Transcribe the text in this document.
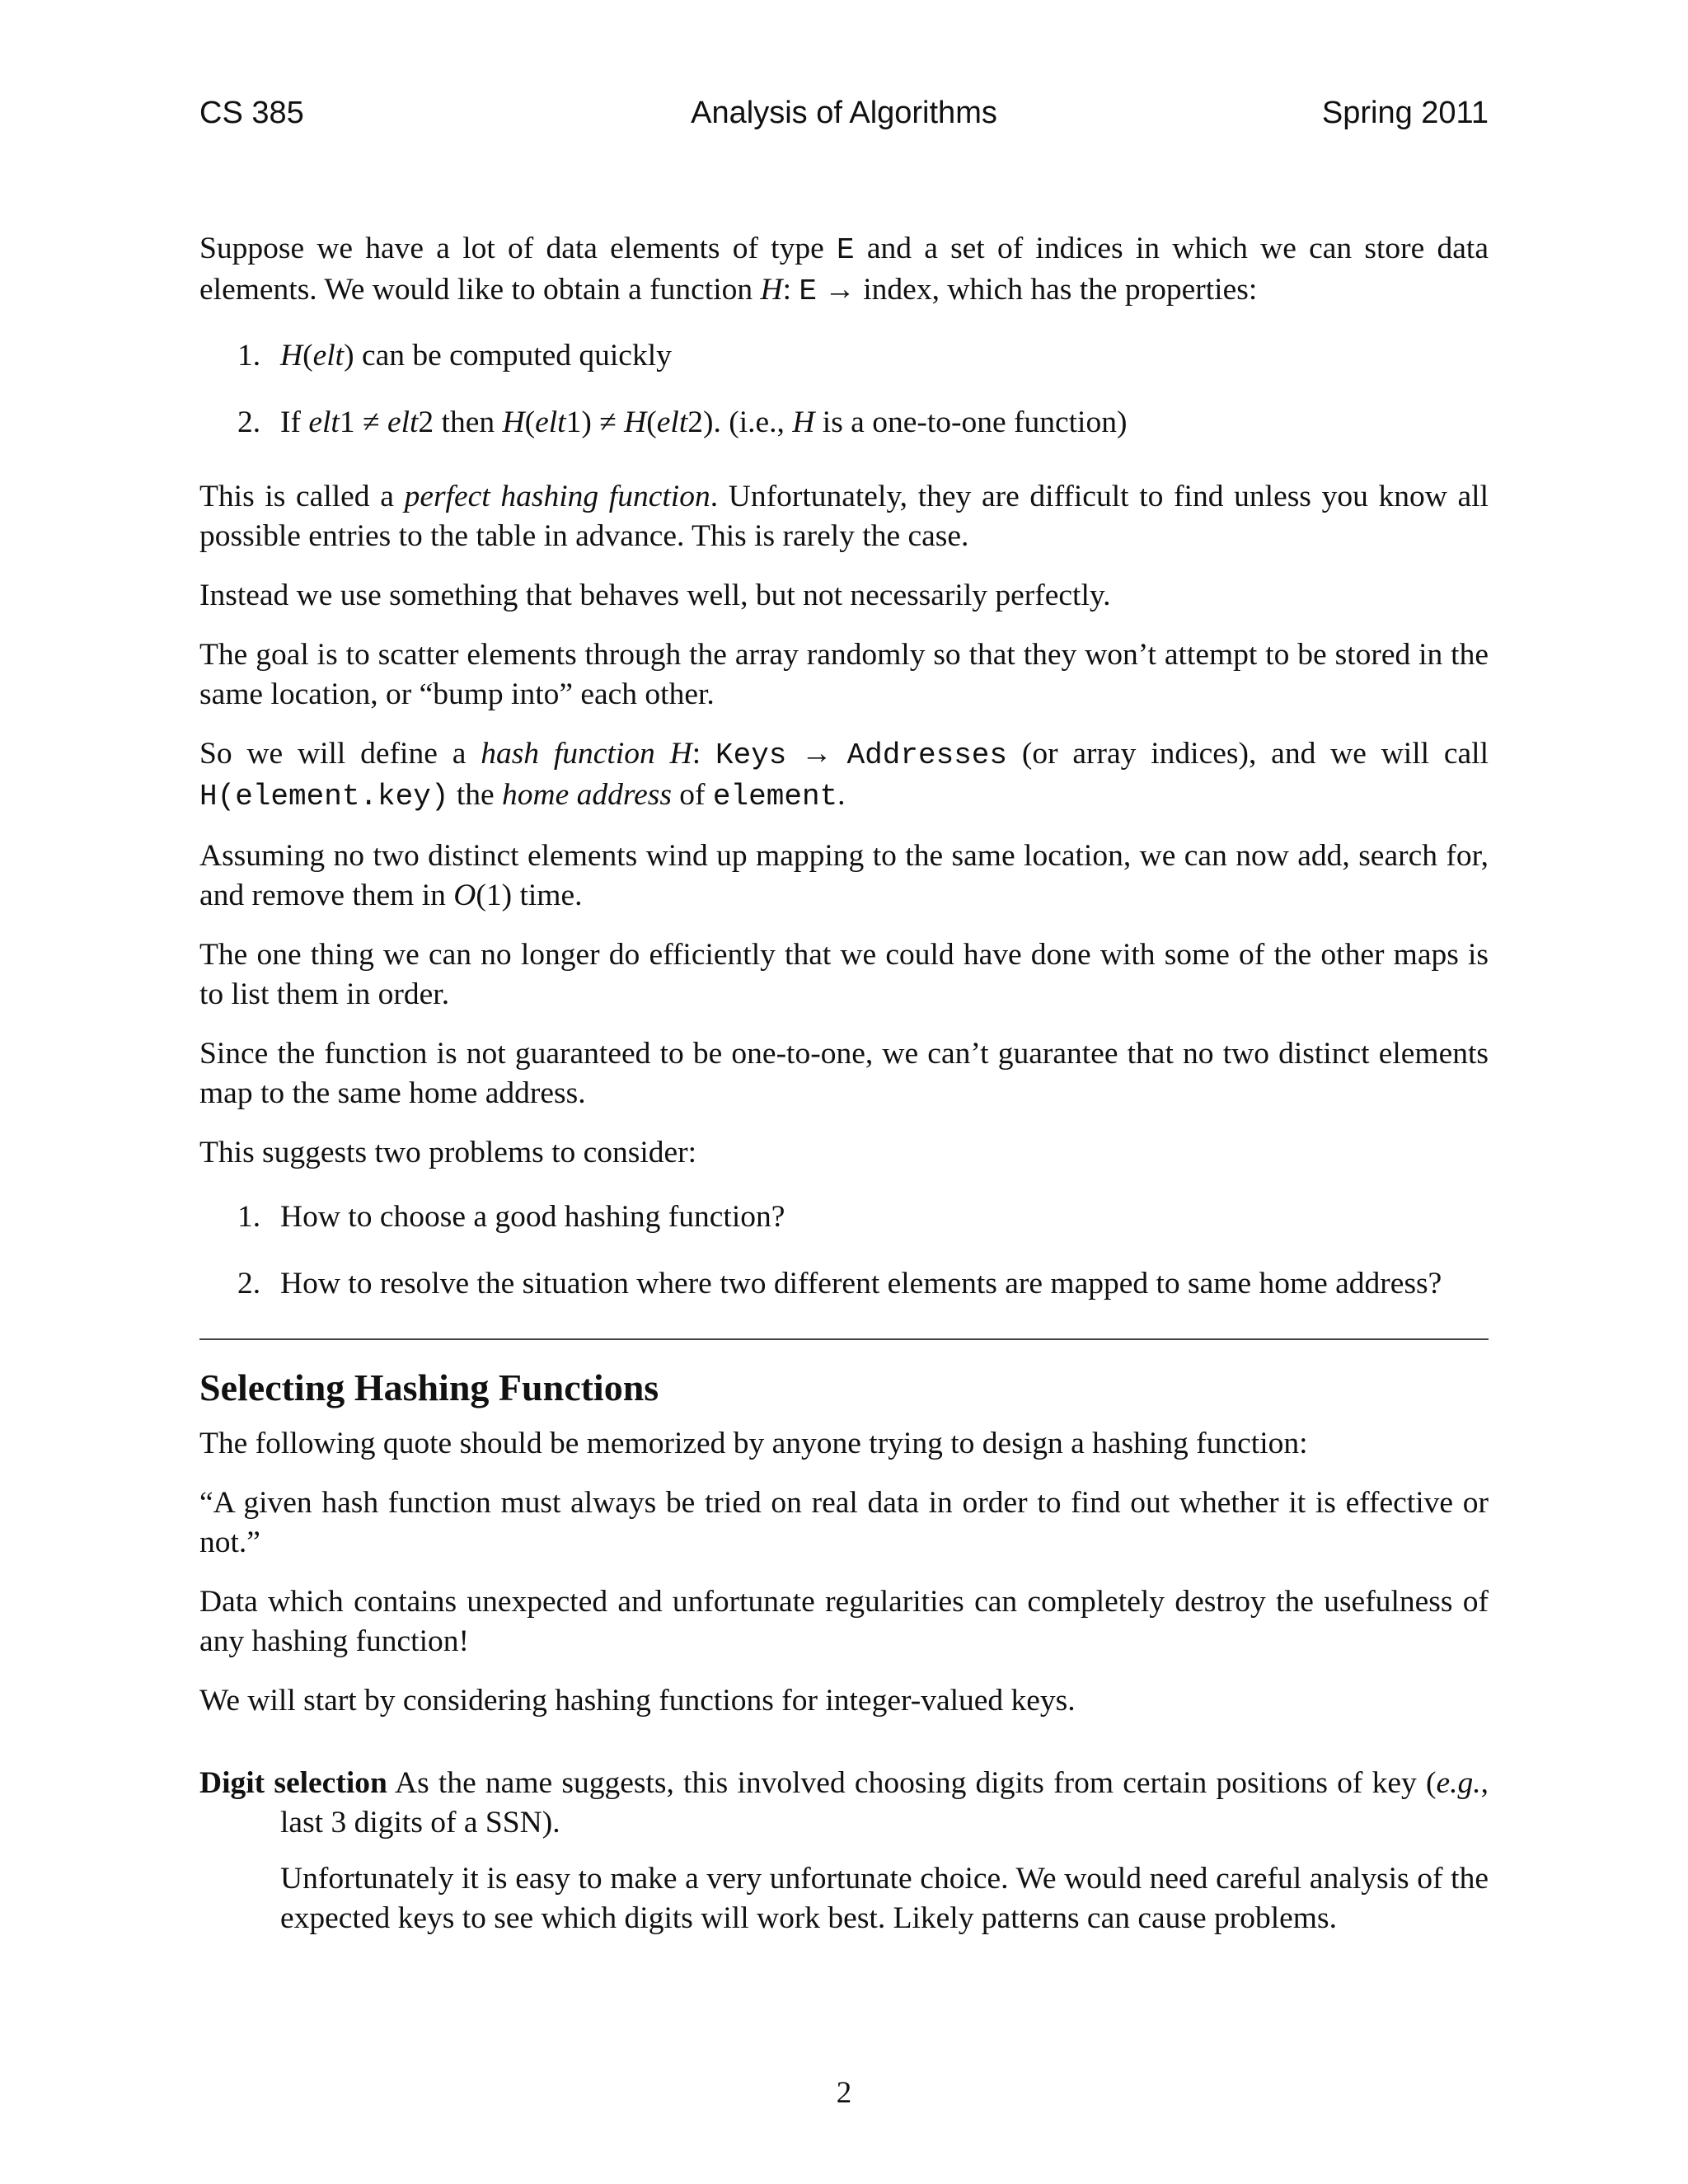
CS 385	Analysis of Algorithms	Spring 2011

Suppose we have a lot of data elements of type E and a set of indices in which we can store data elements. We would like to obtain a function H: E → index, which has the properties:

1. H(elt) can be computed quickly
2. If elt1 ≠ elt2 then H(elt1) ≠ H(elt2). (i.e., H is a one-to-one function)

This is called a perfect hashing function. Unfortunately, they are difficult to find unless you know all possible entries to the table in advance. This is rarely the case.

Instead we use something that behaves well, but not necessarily perfectly.

The goal is to scatter elements through the array randomly so that they won’t attempt to be stored in the same location, or “bump into” each other.

So we will define a hash function H: Keys → Addresses (or array indices), and we will call H(element.key) the home address of element.

Assuming no two distinct elements wind up mapping to the same location, we can now add, search for, and remove them in O(1) time.

The one thing we can no longer do efficiently that we could have done with some of the other maps is to list them in order.

Since the function is not guaranteed to be one-to-one, we can’t guarantee that no two distinct elements map to the same home address.

This suggests two problems to consider:

1. How to choose a good hashing function?
2. How to resolve the situation where two different elements are mapped to same home address?
Selecting Hashing Functions

The following quote should be memorized by anyone trying to design a hashing function:

“A given hash function must always be tried on real data in order to find out whether it is effective or not.”

Data which contains unexpected and unfortunate regularities can completely destroy the usefulness of any hashing function!

We will start by considering hashing functions for integer-valued keys.

Digit selection As the name suggests, this involved choosing digits from certain positions of key (e.g., last 3 digits of a SSN).

Unfortunately it is easy to make a very unfortunate choice. We would need careful analysis of the expected keys to see which digits will work best. Likely patterns can cause problems.

2
